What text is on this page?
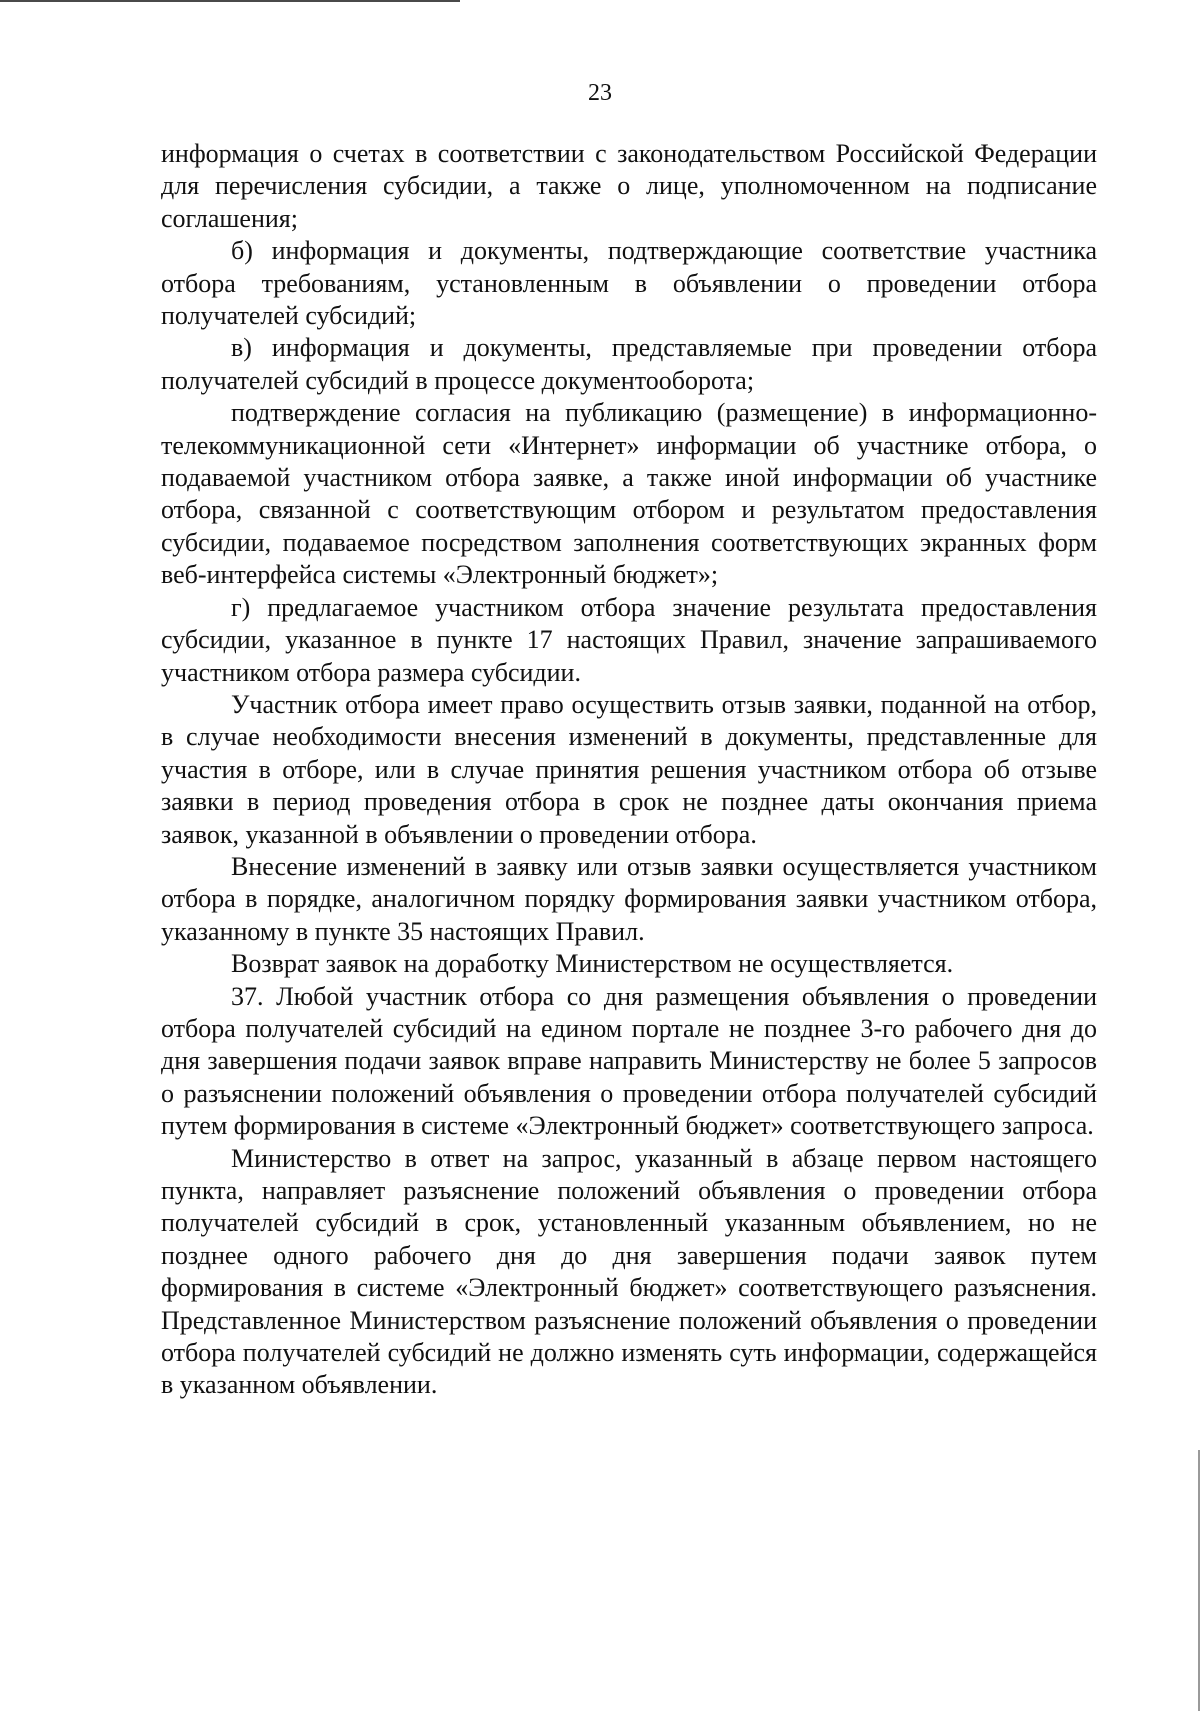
23

информация о счетах в соответствии с законодательством Российской Федерации для перечисления субсидии, а также о лице, уполномоченном на подписание соглашения;

б) информация и документы, подтверждающие соответствие участника отбора требованиям, установленным в объявлении о проведении отбора получателей субсидий;

в) информация и документы, представляемые при проведении отбора получателей субсидий в процессе документооборота;

подтверждение согласия на публикацию (размещение) в информационно-телекоммуникационной сети «Интернет» информации об участнике отбора, о подаваемой участником отбора заявке, а также иной информации об участнике отбора, связанной с соответствующим отбором и результатом предоставления субсидии, подаваемое посредством заполнения соответствующих экранных форм веб-интерфейса системы «Электронный бюджет»;

г) предлагаемое участником отбора значение результата предоставления субсидии, указанное в пункте 17 настоящих Правил, значение запрашиваемого участником отбора размера субсидии.

Участник отбора имеет право осуществить отзыв заявки, поданной на отбор, в случае необходимости внесения изменений в документы, представленные для участия в отборе, или в случае принятия решения участником отбора об отзыве заявки в период проведения отбора в срок не позднее даты окончания приема заявок, указанной в объявлении о проведении отбора.

Внесение изменений в заявку или отзыв заявки осуществляется участником отбора в порядке, аналогичном порядку формирования заявки участником отбора, указанному в пункте 35 настоящих Правил.

Возврат заявок на доработку Министерством не осуществляется.

37. Любой участник отбора со дня размещения объявления о проведении отбора получателей субсидий на едином портале не позднее 3-го рабочего дня до дня завершения подачи заявок вправе направить Министерству не более 5 запросов о разъяснении положений объявления о проведении отбора получателей субсидий путем формирования в системе «Электронный бюджет» соответствующего запроса.

Министерство в ответ на запрос, указанный в абзаце первом настоящего пункта, направляет разъяснение положений объявления о проведении отбора получателей субсидий в срок, установленный указанным объявлением, но не позднее одного рабочего дня до дня завершения подачи заявок путем формирования в системе «Электронный бюджет» соответствующего разъяснения. Представленное Министерством разъяснение положений объявления о проведении отбора получателей субсидий не должно изменять суть информации, содержащейся в указанном объявлении.
